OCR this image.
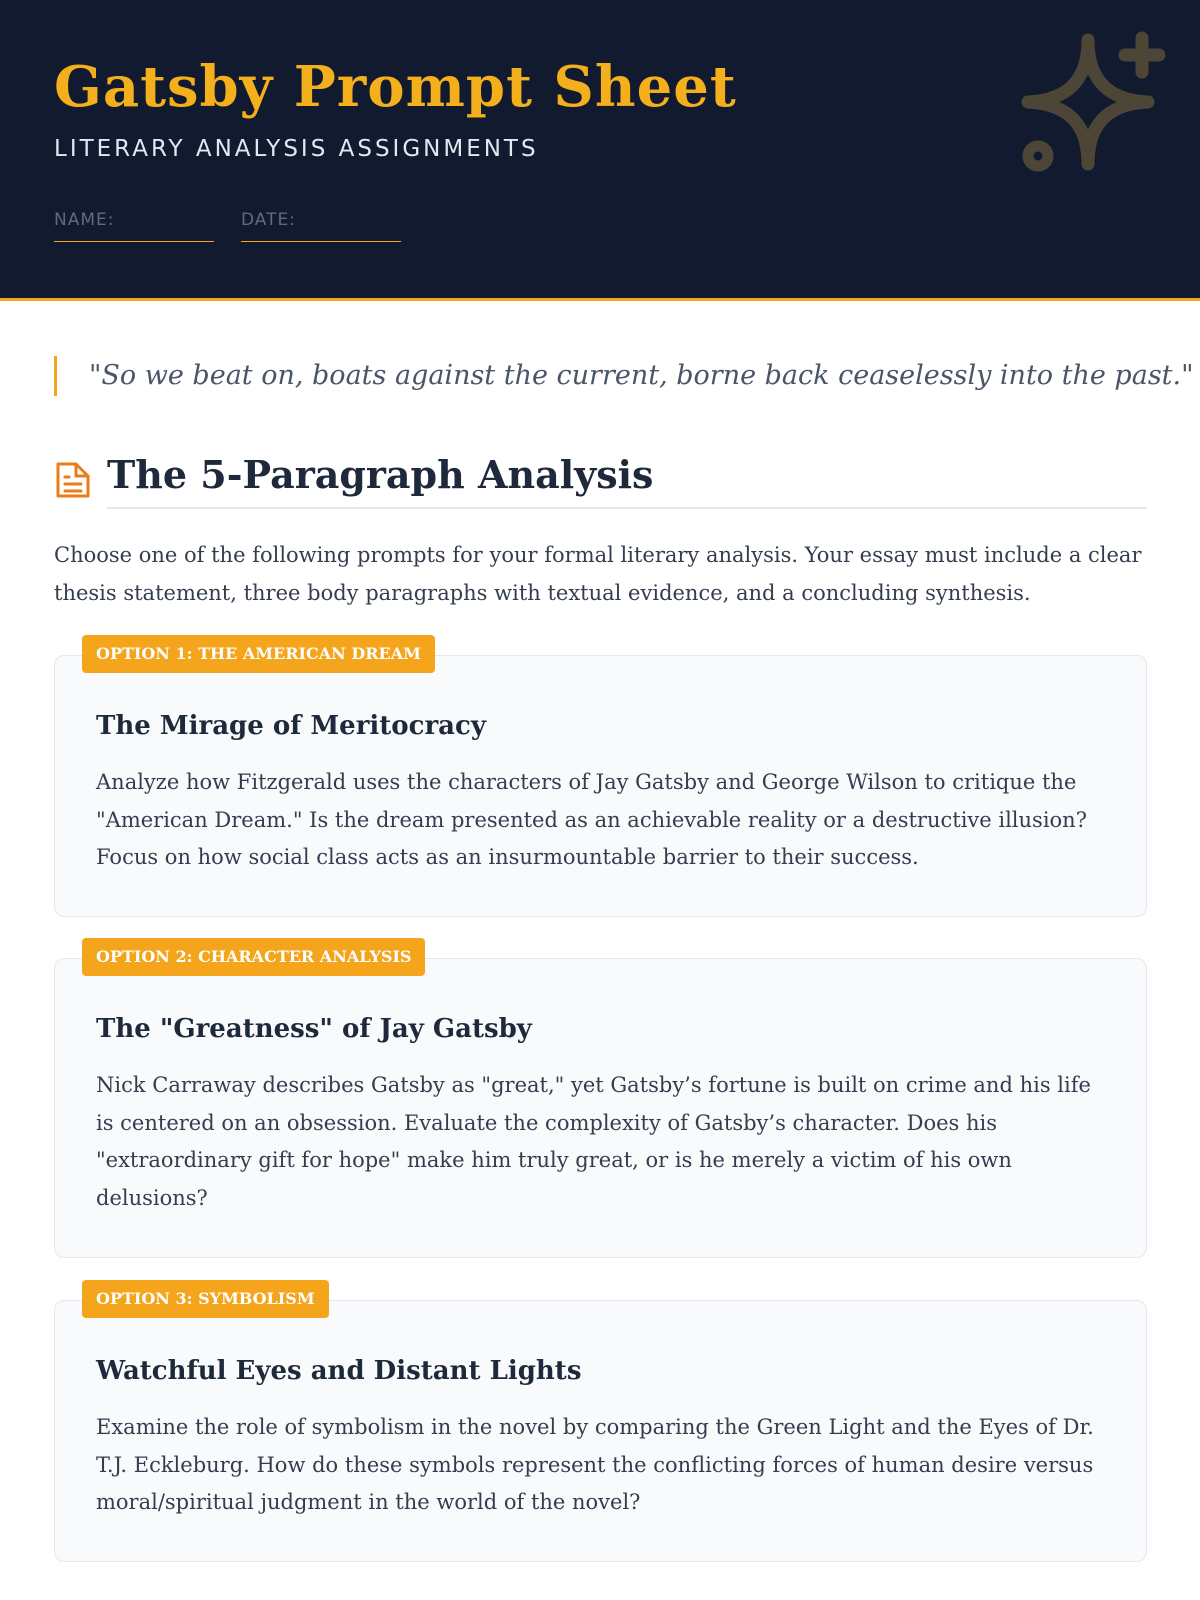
Gatsby Prompt Sheet
LITERARY ANALYSIS ASSIGNMENTS
NAME:	DATE:
"So we beat on, boats against the current, borne back ceaselessly into the past."
The 5-Paragraph Analysis

Choose one of the following prompts for your formal literary analysis. Your essay must include a clear thesis statement, three body paragraphs with textual evidence, and a concluding synthesis.

The Mirage of Meritocracy

Analyze how Fitzgerald uses the characters of Jay Gatsby and George Wilson to critique the "American Dream." Is the dream presented as an achievable reality or a destructive illusion? Focus on how social class acts as an insurmountable barrier to their success.

OPTION 1: THE AMERICAN DREAM
The "Greatness" of Jay Gatsby

Nick Carraway describes Gatsby as "great," yet Gatsby’s fortune is built on crime and his life is centered on an obsession. Evaluate the complexity of Gatsby’s character. Does his "extraordinary gift for hope" make him truly great, or is he merely a victim of his own delusions?

OPTION 2: CHARACTER ANALYSIS
Watchful Eyes and Distant Lights

Examine the role of symbolism in the novel by comparing the Green Light and the Eyes of Dr. T.J. Eckleburg. How do these symbols represent the conflicting forces of human desire versus moral/spiritual judgment in the world of the novel?

OPTION 3: SYMBOLISM
